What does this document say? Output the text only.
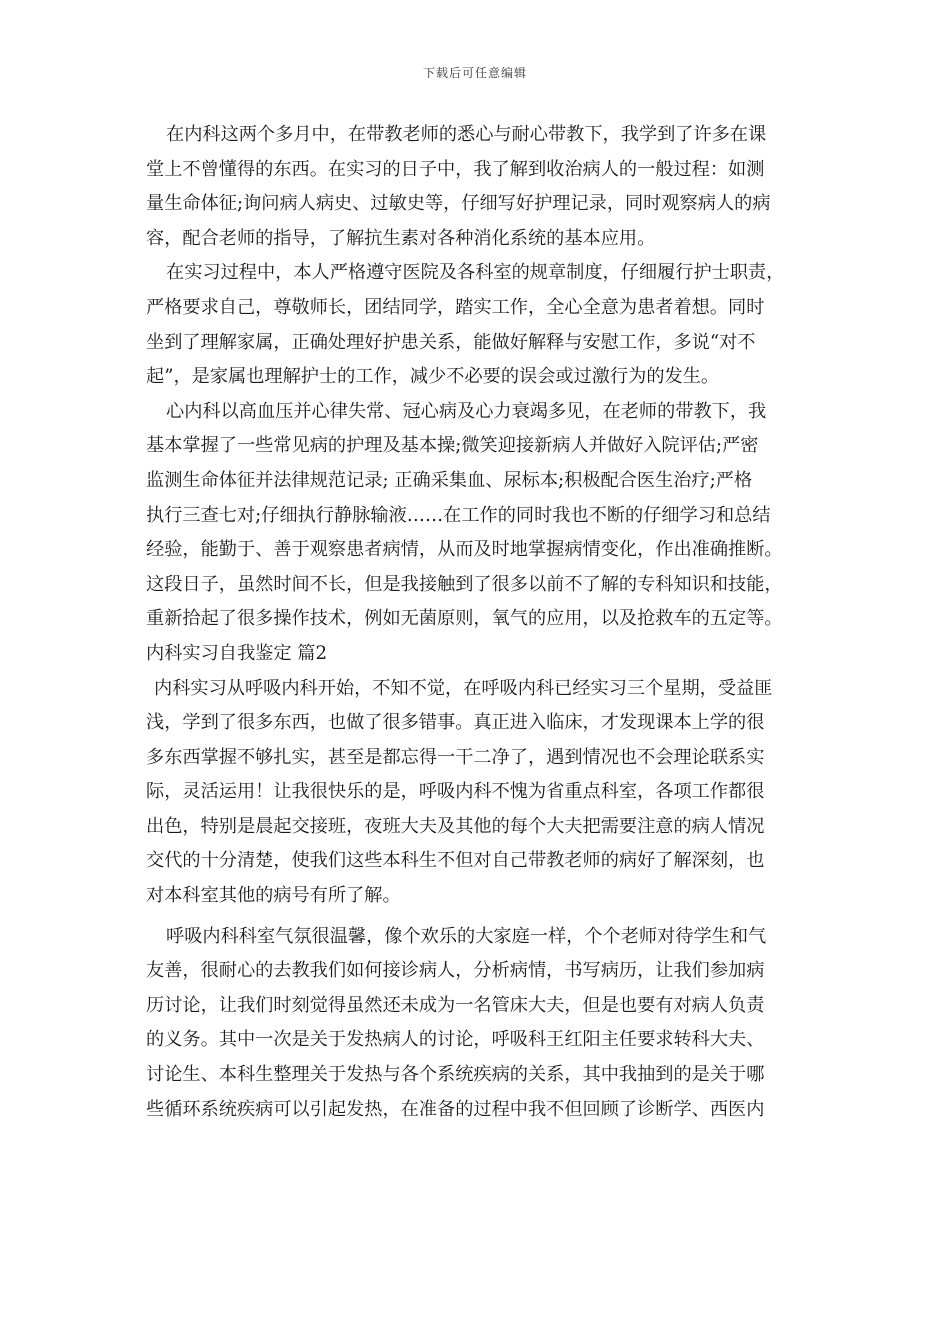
下载后可任意编辑
在内科这两个多月中，在带教老师的悉心与耐心带教下，我学到了许多在课
堂上不曾懂得的东西。在实习的日子中，我了解到收治病人的一般过程：如测
量生命体征;询问病人病史、过敏史等，仔细写好护理记录，同时观察病人的病
容，配合老师的指导，了解抗生素对各种消化系统的基本应用。
在实习过程中，本人严格遵守医院及各科室的规章制度，仔细履行护士职责，
严格要求自己，尊敬师长，团结同学，踏实工作，全心全意为患者着想。同时
坐到了理解家属，正确处理好护患关系，能做好解释与安慰工作，多说“对不
起”，是家属也理解护士的工作，减少不必要的误会或过激行为的发生。
心内科以高血压并心律失常、冠心病及心力衰竭多见，在老师的带教下，我
基本掌握了一些常见病的护理及基本操;微笑迎接新病人并做好入院评估;严密
监测生命体征并法律规范记录; 正确采集血、尿标本;积极配合医生治疗;严格
执行三查七对;仔细执行静脉输液……在工作的同时我也不断的仔细学习和总结
经验，能勤于、善于观察患者病情，从而及时地掌握病情变化，作出准确推断。
这段日子，虽然时间不长，但是我接触到了很多以前不了解的专科知识和技能，
重新拾起了很多操作技术，例如无菌原则，氧气的应用，以及抢救车的五定等。
内科实习自我鉴定 篇2
内科实习从呼吸内科开始，不知不觉，在呼吸内科已经实习三个星期，受益匪
浅，学到了很多东西，也做了很多错事。真正进入临床，才发现课本上学的很
多东西掌握不够扎实，甚至是都忘得一干二净了，遇到情况也不会理论联系实
际，灵活运用！让我很快乐的是，呼吸内科不愧为省重点科室，各项工作都很
出色，特别是晨起交接班，夜班大夫及其他的每个大夫把需要注意的病人情况
交代的十分清楚，使我们这些本科生不但对自己带教老师的病好了解深刻，也
对本科室其他的病号有所了解。
呼吸内科科室气氛很温馨，像个欢乐的大家庭一样，个个老师对待学生和气
友善，很耐心的去教我们如何接诊病人，分析病情，书写病历，让我们参加病
历讨论，让我们时刻觉得虽然还未成为一名管床大夫，但是也要有对病人负责
的义务。其中一次是关于发热病人的讨论，呼吸科王红阳主任要求转科大夫、
讨论生、本科生整理关于发热与各个系统疾病的关系，其中我抽到的是关于哪
些循环系统疾病可以引起发热，在准备的过程中我不但回顾了诊断学、西医内
